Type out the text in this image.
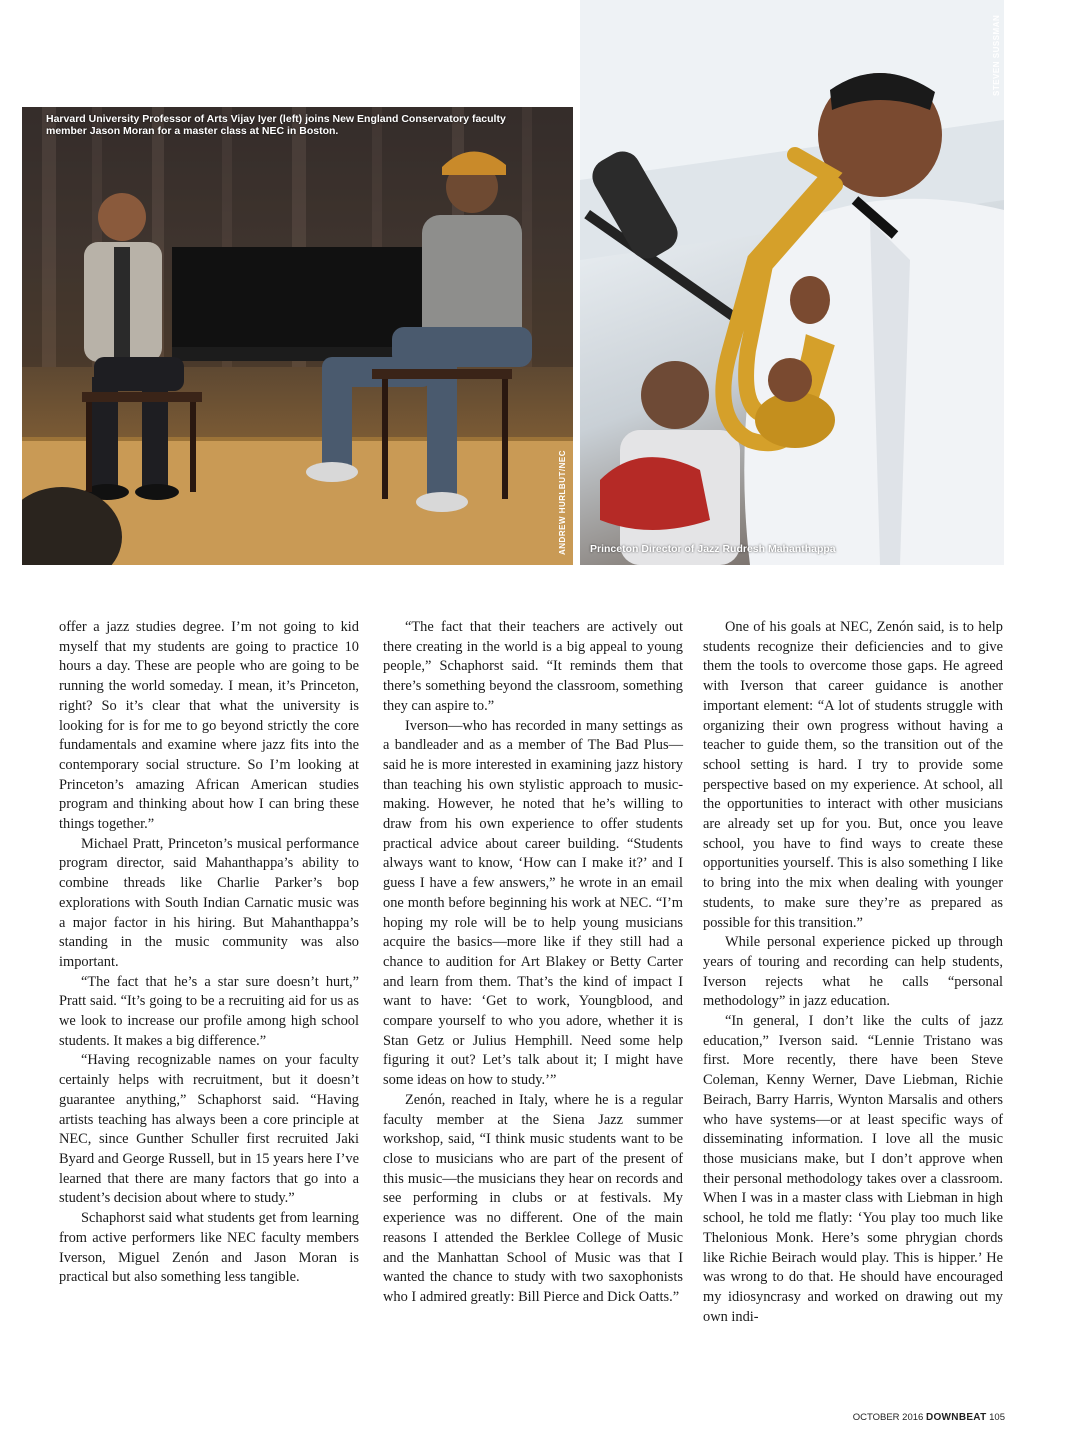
Harvard University Professor of Arts Vijay Iyer (left) joins New England Conservatory faculty member Jason Moran for a master class at NEC in Boston.
ANDREW HURLBUT/NEC Princeton Director of Jazz Rudresh Mahanthappa
STEVEN SUSSMAN

offer a jazz studies degree. I’m not going to kid myself that my students are going to practice 10 hours a day. These are people who are going to be running the world someday. I mean, it’s Princeton, right? So it’s clear that what the university is looking for is for me to go beyond strictly the core fundamentals and examine where jazz fits into the contemporary social structure. So I’m looking at Princeton’s amazing African American studies program and thinking about how I can bring these things together.”

Michael Pratt, Princeton’s musical performance program director, said Mahanthappa’s ability to combine threads like Charlie Parker’s bop explorations with South Indian Carnatic music was a major factor in his hiring. But Mahanthappa’s standing in the music community was also important.

“The fact that he’s a star sure doesn’t hurt,” Pratt said. “It’s going to be a recruiting aid for us as we look to increase our profile among high school students. It makes a big difference.”

“Having recognizable names on your faculty certainly helps with recruitment, but it doesn’t guarantee anything,” Schaphorst said. “Having artists teaching has always been a core principle at NEC, since Gunther Schuller first recruited Jaki Byard and George Russell, but in 15 years here I’ve learned that there are many factors that go into a student’s decision about where to study.”

Schaphorst said what students get from learning from active performers like NEC faculty members Iverson, Miguel Zenón and Jason Moran is practical but also something less tangible.

“The fact that their teachers are actively out there creating in the world is a big appeal to young people,” Schaphorst said. “It reminds them that there’s something beyond the classroom, something they can aspire to.”

Iverson—who has recorded in many settings as a bandleader and as a member of The Bad Plus—said he is more interested in examining jazz history than teaching his own stylistic approach to music-making. However, he noted that he’s willing to draw from his own experience to offer students practical advice about career building. “Students always want to know, ‘How can I make it?’ and I guess I have a few answers,” he wrote in an email one month before beginning his work at NEC. “I’m hoping my role will be to help young musicians acquire the basics—more like if they still had a chance to audition for Art Blakey or Betty Carter and learn from them. That’s the kind of impact I want to have: ‘Get to work, Youngblood, and compare yourself to who you adore, whether it is Stan Getz or Julius Hemphill. Need some help figuring it out? Let’s talk about it; I might have some ideas on how to study.’”

Zenón, reached in Italy, where he is a regular faculty member at the Siena Jazz summer workshop, said, “I think music students want to be close to musicians who are part of the present of this music—the musicians they hear on records and see performing in clubs or at festivals. My experience was no different. One of the main reasons I attended the Berklee College of Music and the Manhattan School of Music was that I wanted the chance to study with two saxophonists who I admired greatly: Bill Pierce and Dick Oatts.”

One of his goals at NEC, Zenón said, is to help students recognize their deficiencies and to give them the tools to overcome those gaps. He agreed with Iverson that career guidance is another important element: “A lot of students struggle with organizing their own progress without having a teacher to guide them, so the transition out of the school setting is hard. I try to provide some perspective based on my experience. At school, all the opportunities to interact with other musicians are already set up for you. But, once you leave school, you have to find ways to create these opportunities yourself. This is also something I like to bring into the mix when dealing with younger students, to make sure they’re as prepared as possible for this transition.”

While personal experience picked up through years of touring and recording can help students, Iverson rejects what he calls “personal methodology” in jazz education.

“In general, I don’t like the cults of jazz education,” Iverson said. “Lennie Tristano was first. More recently, there have been Steve Coleman, Kenny Werner, Dave Liebman, Richie Beirach, Barry Harris, Wynton Marsalis and others who have systems—or at least specific ways of disseminating information. I love all the music those musicians make, but I don’t approve when their personal methodology takes over a classroom. When I was in a master class with Liebman in high school, he told me flatly: ‘You play too much like Thelonious Monk. Here’s some phrygian chords like Richie Beirach would play. This is hipper.’ He was wrong to do that. He should have encouraged my idiosyncrasy and worked on drawing out my own indi-

OCTOBER 2016 DOWNBEAT 105
